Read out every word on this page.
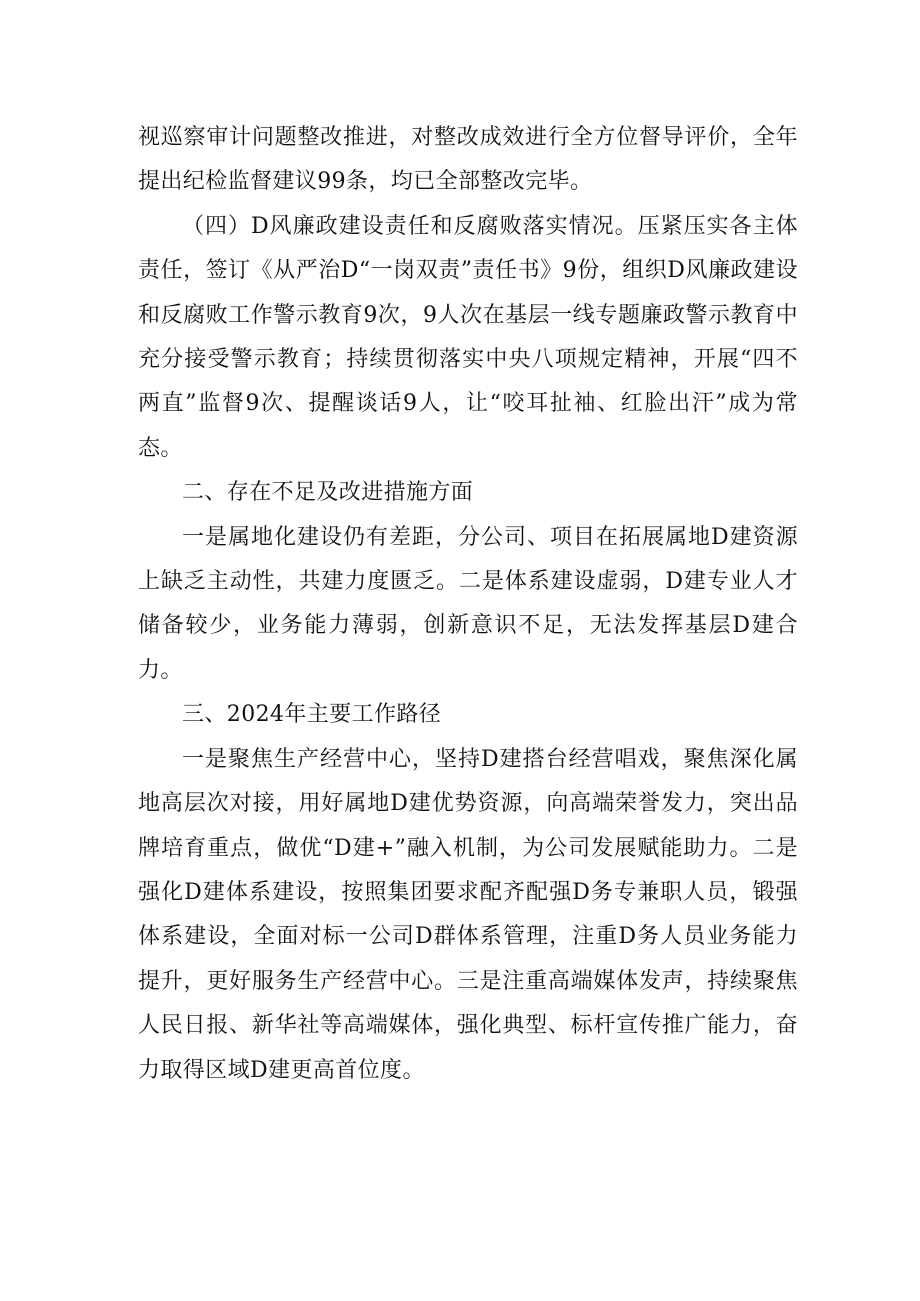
视巡察审计问题整改推进，对整改成效进行全方位督导评价，全年提出纪检监督建议99条，均已全部整改完毕。

（四）D风廉政建设责任和反腐败落实情况。压紧压实各主体责任，签订《从严治D“一岗双责”责任书》9份，组织D风廉政建设和反腐败工作警示教育9次，9人次在基层一线专题廉政警示教育中充分接受警示教育；持续贯彻落实中央八项规定精神，开展“四不两直”监督9次、提醒谈话9人，让“咬耳扯袖、红脸出汗”成为常态。

二、存在不足及改进措施方面

一是属地化建设仍有差距，分公司、项目在拓展属地D建资源上缺乏主动性，共建力度匮乏。二是体系建设虚弱，D建专业人才储备较少，业务能力薄弱，创新意识不足，无法发挥基层D建合力。

三、2024年主要工作路径

一是聚焦生产经营中心，坚持D建搭台经营唱戏，聚焦深化属地高层次对接，用好属地D建优势资源，向高端荣誉发力，突出品牌培育重点，做优“D建+”融入机制，为公司发展赋能助力。二是强化D建体系建设，按照集团要求配齐配强D务专兼职人员，锻强体系建设，全面对标一公司D群体系管理，注重D务人员业务能力提升，更好服务生产经营中心。三是注重高端媒体发声，持续聚焦人民日报、新华社等高端媒体，强化典型、标杆宣传推广能力，奋力取得区域D建更高首位度。
